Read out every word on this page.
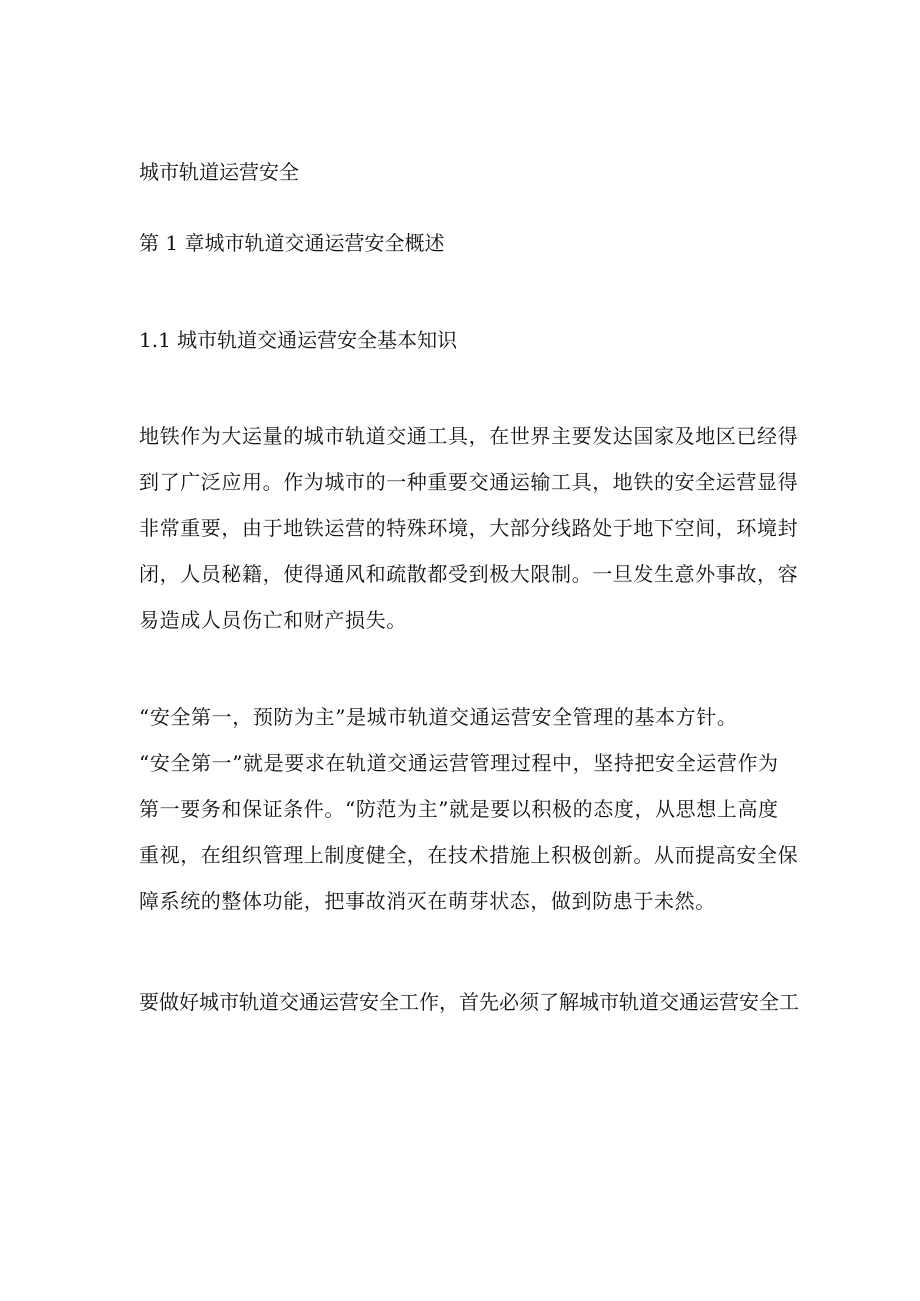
城市轨道运营安全
第 1 章城市轨道交通运营安全概述
1.1 城市轨道交通运营安全基本知识
地铁作为大运量的城市轨道交通工具，在世界主要发达国家及地区已经得
到了广泛应用。作为城市的一种重要交通运输工具，地铁的安全运营显得
非常重要，由于地铁运营的特殊环境，大部分线路处于地下空间，环境封
闭，人员秘籍，使得通风和疏散都受到极大限制。一旦发生意外事故，容
易造成人员伤亡和财产损失。
“安全第一，预防为主”是城市轨道交通运营安全管理的基本方针。
“安全第一”就是要求在轨道交通运营管理过程中，坚持把安全运营作为
第一要务和保证条件。“防范为主”就是要以积极的态度，从思想上高度
重视，在组织管理上制度健全，在技术措施上积极创新。从而提高安全保
障系统的整体功能，把事故消灭在萌芽状态，做到防患于未然。
要做好城市轨道交通运营安全工作，首先必须了解城市轨道交通运营安全工
